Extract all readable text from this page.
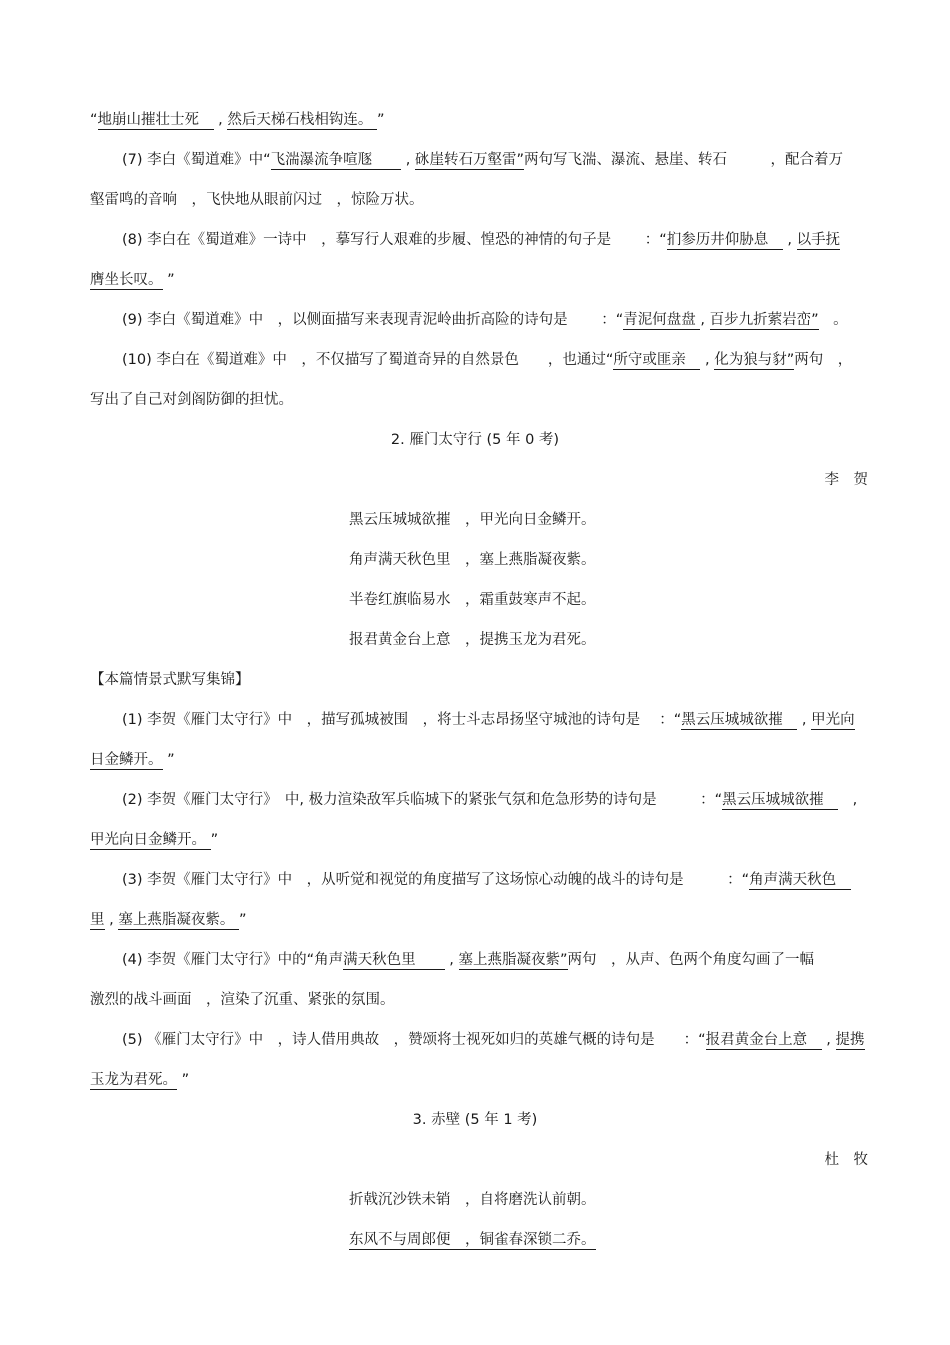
“地崩山摧壮士死　 , 然后天梯石栈相钩连。 ”
(7) 李白《蜀道难》中“飞湍瀑流争喧豗　　 , 砯崖转石万壑雷”两句写飞湍、瀑流、悬崖、转石　　　，配合着万
壑雷鸣的音响　，飞快地从眼前闪过　，惊险万状。
(8) 李白在《蜀道难》一诗中　，摹写行人艰难的步履、惶恐的神情的句子是　　 ：“扪参历井仰胁息　 , 以手抚
膺坐长叹。 ”
(9) 李白《蜀道难》中　，以侧面描写来表现青泥岭曲折高险的诗句是　　 ：“青泥何盘盘 , 百步九折萦岩峦”　。
(10) 李白在《蜀道难》中　，不仅描写了蜀道奇异的自然景色　　，也通过“所守或匪亲　 , 化为狼与豺”两句　，
写出了自己对剑阁防御的担忧。
2. 雁门太守行 (5 年 0 考)
李　贺
黑云压城城欲摧　，甲光向日金鳞开。
角声满天秋色里　，塞上燕脂凝夜紫。
半卷红旗临易水　，霜重鼓寒声不起。
报君黄金台上意　，提携玉龙为君死。
【本篇情景式默写集锦】
(1) 李贺《雁门太守行》中　，描写孤城被围　，将士斗志昂扬坚守城池的诗句是　 ：“黑云压城城欲摧　 , 甲光向
日金鳞开。 ”
(2) 李贺《雁门太守行》　中, 极力渲染敌军兵临城下的紧张气氛和危急形势的诗句是　　　：“黑云压城城欲摧　　,
甲光向日金鳞开。 ”
(3) 李贺《雁门太守行》中　，从听觉和视觉的角度描写了这场惊心动魄的战斗的诗句是　　　：“角声满天秋色　
里 , 塞上燕脂凝夜紫。 ”
(4) 李贺《雁门太守行》中的“角声满天秋色里　　 , 塞上燕脂凝夜紫”两句　，从声、色两个角度勾画了一幅
激烈的战斗画面　，渲染了沉重、紧张的氛围。
(5) 《雁门太守行》中　，诗人借用典故　，赞颂将士视死如归的英雄气概的诗句是　　：“报君黄金台上意　 , 提携
玉龙为君死。 ”
3. 赤壁 (5 年 1 考)
杜　牧
折戟沉沙铁未销　，自将磨洗认前朝。
东风不与周郎便　，铜雀春深锁二乔。
